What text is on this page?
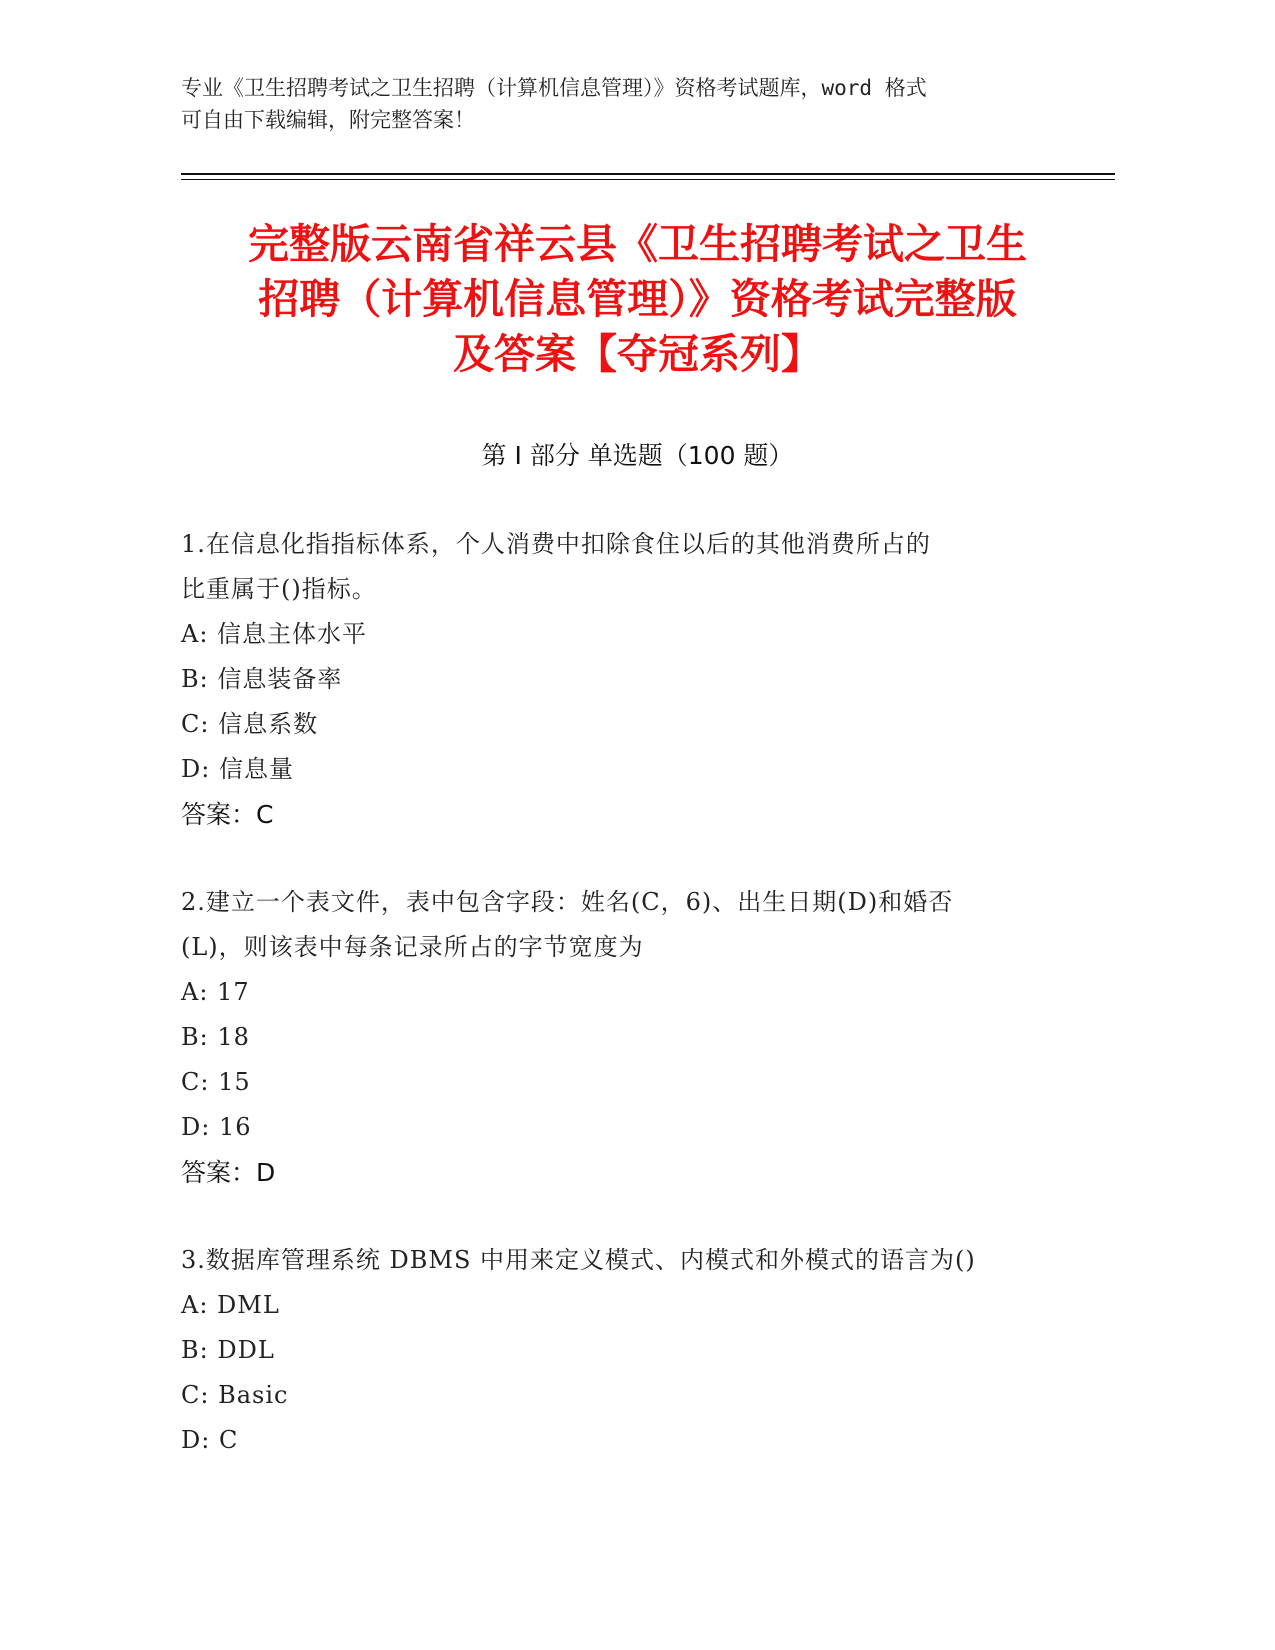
专业《卫生招聘考试之卫生招聘（计算机信息管理）》资格考试题库，word 格式
可自由下载编辑，附完整答案！
完整版云南省祥云县《卫生招聘考试之卫生
招聘（计算机信息管理）》资格考试完整版
及答案【夺冠系列】
第 I 部分 单选题（100 题）
1.在信息化指指标体系，个人消费中扣除食住以后的其他消费所占的
比重属于()指标。
A: 信息主体水平
B: 信息装备率
C: 信息系数
D: 信息量
答案：C
2.建立一个表文件，表中包含字段：姓名(C，6)、出生日期(D)和婚否
(L)，则该表中每条记录所占的字节宽度为
A: 17
B: 18
C: 15
D: 16
答案：D
3.数据库管理系统 DBMS 中用来定义模式、内模式和外模式的语言为()
A: DML
B: DDL
C: Basic
D: C
